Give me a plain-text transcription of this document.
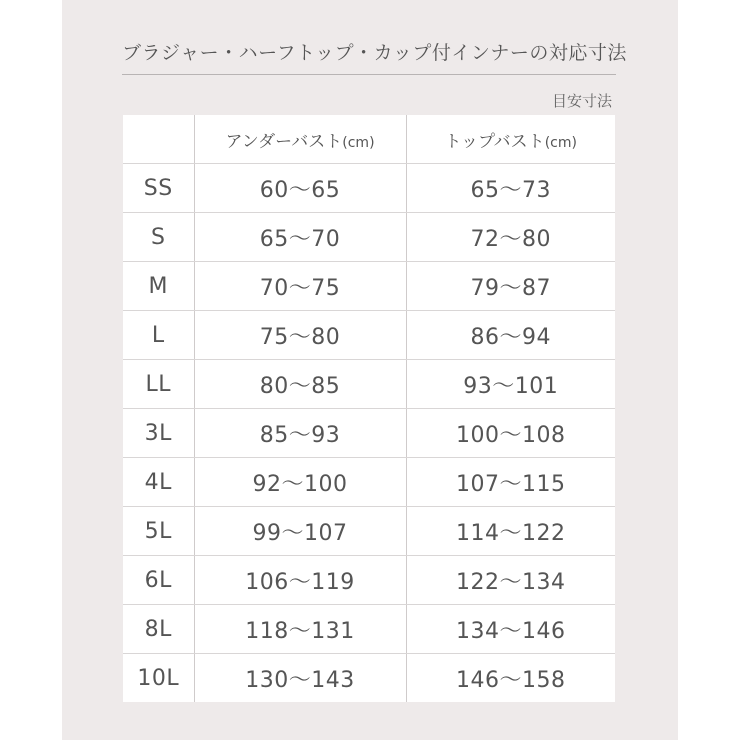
ブラジャー・ハーフトップ・カップ付インナーの対応寸法
目安寸法
	アンダーバスト(cm)	トップバスト(cm)
SS	60〜65	65〜73
S	65〜70	72〜80
M	70〜75	79〜87
L	75〜80	86〜94
LL	80〜85	93〜101
3L	85〜93	100〜108
4L	92〜100	107〜115
5L	99〜107	114〜122
6L	106〜119	122〜134
8L	118〜131	134〜146
10L	130〜143	146〜158
